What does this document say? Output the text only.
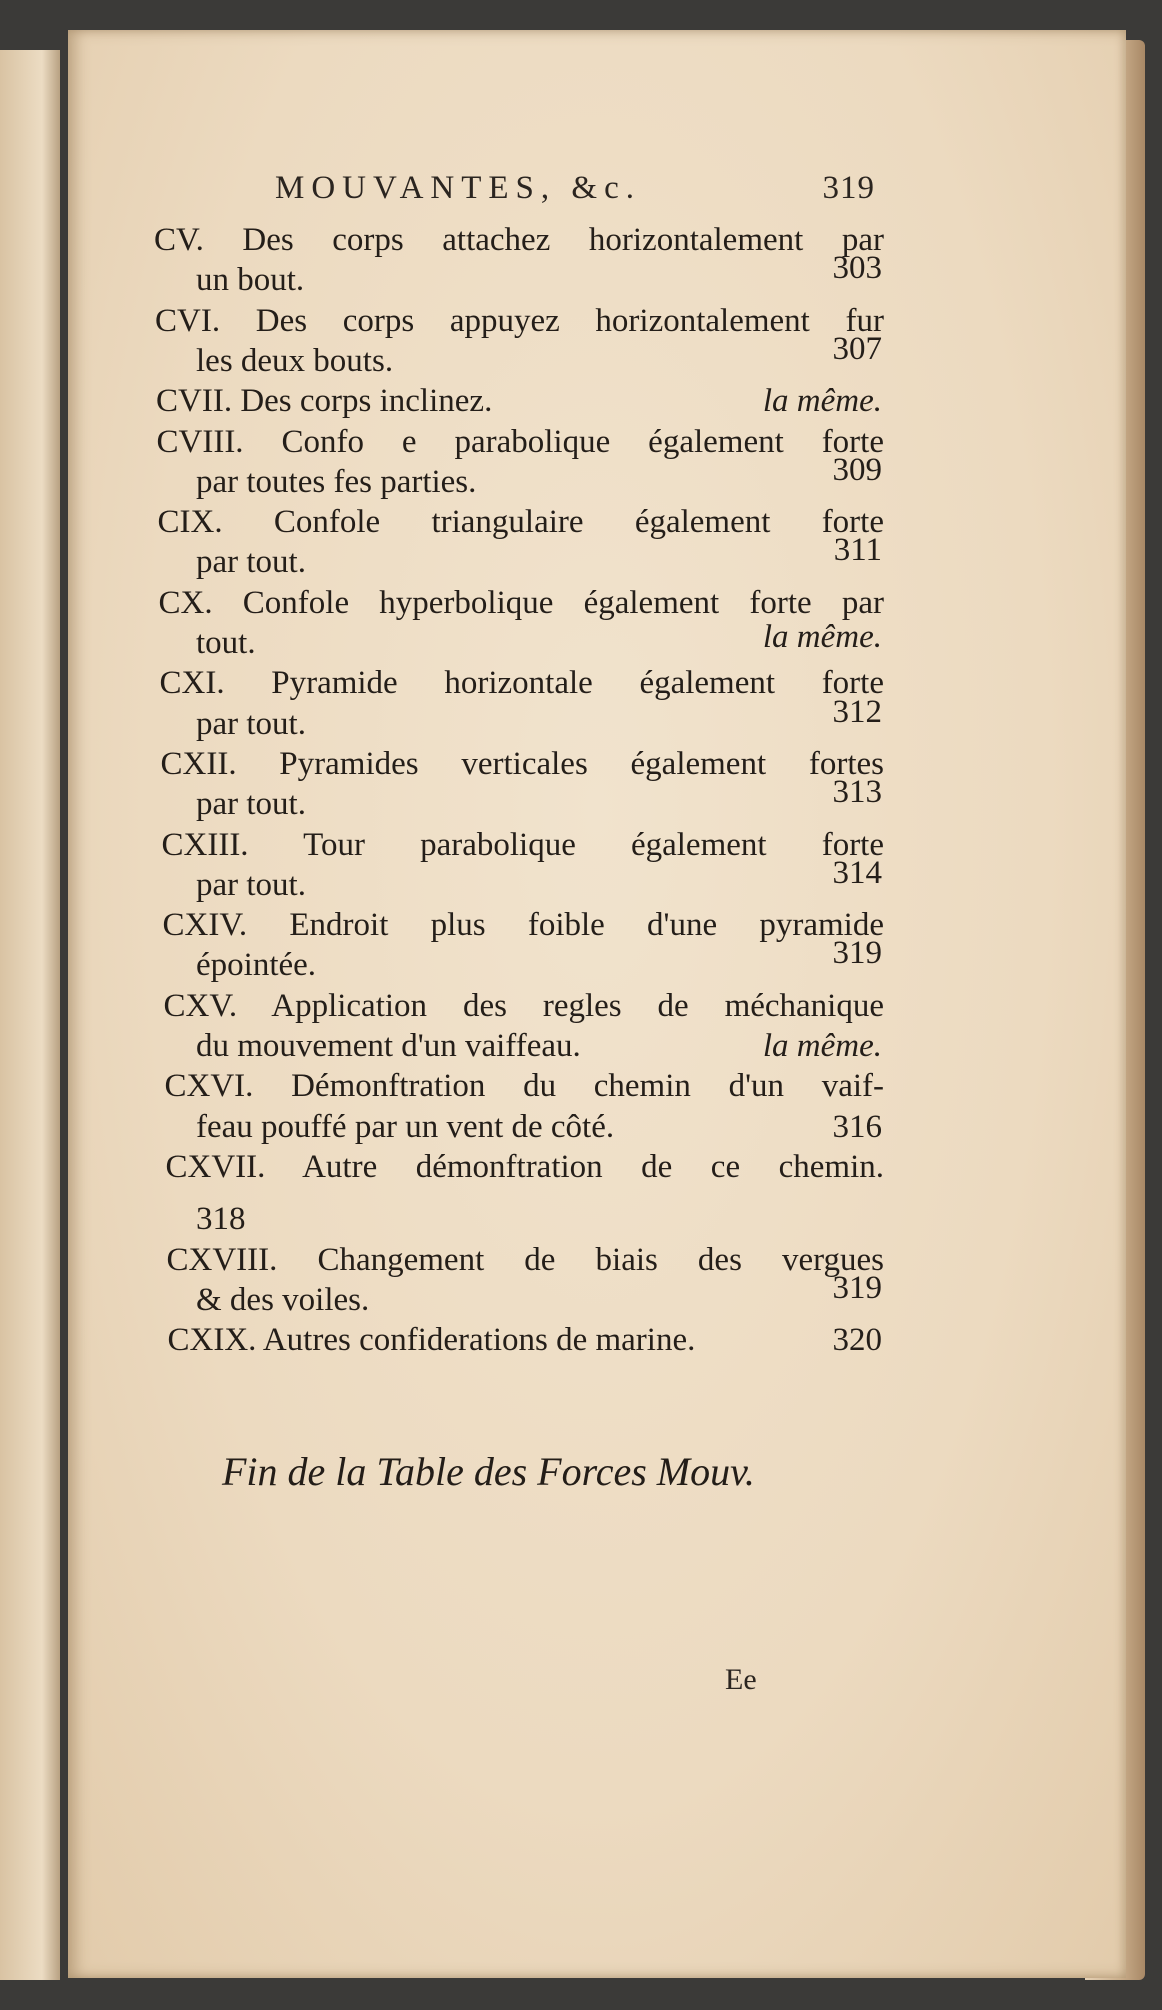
MOUVANTES, &c.	319
CV. Des corps attachez horizontalement par
un bout.	303
CVI. Des corps appuyez horizontalement fur
les deux bouts.	307
CVII. Des corps inclinez.	la même.
CVIII. Confo e parabolique également forte
par toutes fes parties.	309
CIX. Confole triangulaire également forte
par tout.	311
CX. Confole hyperbolique également forte par
tout.	la même.
CXI. Pyramide horizontale également forte
par tout.	312
CXII. Pyramides verticales également fortes
par tout.	313
CXIII. Tour parabolique également forte
par tout.	314
CXIV. Endroit plus foible d'une pyramide
épointée.	319
CXV. Application des regles de méchanique
du mouvement d'un vaiffeau.	la même.
CXVI. Démonftration du chemin d'un vaif-
feau pouffé par un vent de côté.	316
CXVII. Autre démonftration de ce chemin.
318
CXVIII. Changement de biais des vergues
& des voiles.	319
CXIX. Autres confiderations de marine.	320
Fin de la Table des Forces Mouv.
Ee
